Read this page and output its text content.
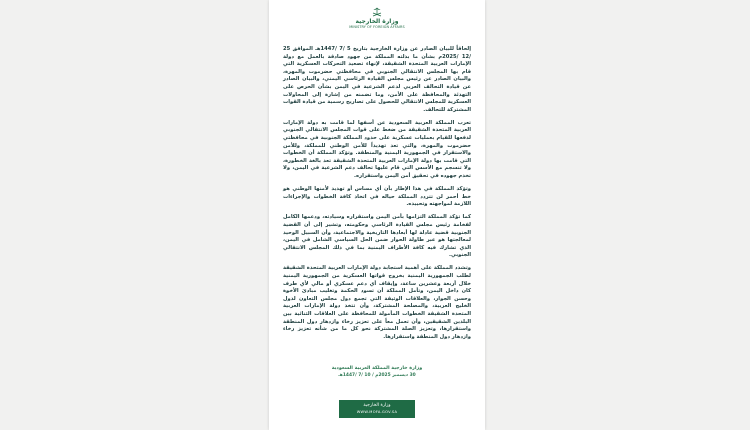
وزارة الخارجية
MINISTRY OF FOREIGN AFFAIRS

إلحاقاً للبيان الصادر عن وزارة الخارجية بتاريخ 5 /7 /1447هـ الموافق 25 /12 /2025م بشأن ما بذلته المملكة من جهود صادقة بالعمل مع دولة الإمارات العربية المتحدة الشقيقة، لإنهاء تصعيد التحركات العسكرية التي قام بها المجلس الانتقالي الجنوبي في محافظتي حضرموت والمهرة، والبيان الصادر عن رئيس مجلس القيادة الرئاسي اليمني، والبيان الصادر عن قيادة التحالف العربي لدعم الشرعية في اليمن بشأن الحرص على التهدئة والمحافظة على الأمن، وما تضمنه من إشارة إلى المحاولات العسكرية للمجلس الانتقالي للحصول على تصاريح رسمية من قيادة القوات المشتركة للتحالف.

تعرب المملكة العربية السعودية عن أسفها لما قامت به دولة الإمارات العربية المتحدة الشقيقة من ضغط على قوات المجلس الانتقالي الجنوبي لدفعها للقيام بعمليات عسكرية على حدود المملكة الجنوبية في محافظتي حضرموت والمهرة، والتي تعد تهديداً للأمن الوطني للمملكة، وللأمن والاستقرار في الجمهورية اليمنية والمنطقة. وتؤكد المملكة أن الخطوات التي قامت بها دولة الإمارات العربية المتحدة الشقيقة تعد بالغة الخطورة، ولا تنسجم مع الأسس التي قام عليها تحالف دعم الشرعية في اليمن، ولا تخدم جهوده في تحقيق أمن اليمن واستقراره.

وتؤكد المملكة في هذا الإطار بأن أي مساس أو تهديد لأمنها الوطني هو خط أحمر لن تتردد المملكة حياله في اتخاذ كافة الخطوات والإجراءات اللازمة لمواجهته وتحييده.

كما تؤكد المملكة التزامها بأمن اليمن واستقراره وسيادته، ودعمها الكامل لفخامة رئيس مجلس القيادة الرئاسي وحكومته، وتشير إلى أن القضية الجنوبية قضية عادلة لها أبعادها التاريخية والاجتماعية، وأن السبيل الوحيد لمعالجتها هو عبر طاولة الحوار ضمن الحل السياسي الشامل في اليمن، الذي تشارك فيه كافة الأطراف اليمنية بما في ذلك المجلس الانتقالي الجنوبي.

وتشدد المملكة على أهمية استجابة دولة الإمارات العربية المتحدة الشقيقة لطلب الجمهورية اليمنية بخروج قواتها العسكرية من الجمهورية اليمنية خلال أربعة وعشرين ساعة، وإيقاف أي دعم عسكري أو مالي لأي طرف كان داخل اليمن، وتأمل المملكة أن تسود الحكمة وتغليب مبادئ الأخوة وحسن الجوار، والعلاقات الوثيقة التي تجمع دول مجلس التعاون لدول الخليج العربية، والمصلحة المشتركة، وأن تتخذ دولة الإمارات العربية المتحدة الشقيقة الخطوات المأمولة للمحافظة على العلاقات الثنائية بين البلدين الشقيقين، وأن تعمل معاً على تعزيز رخاء وازدهار دول المنطقة واستقرارها، وتعزيز الصلة المشتركة نحو كل ما من شأنه تعزيز رخاء وازدهار دول المنطقة واستقرارها.

وزارة خارجية المملكة العربية السعودية
30 ديسمبر 2025م / 10 /7 /1447هـ
وزارة الخارجية
WWW.MOFA.GOV.SA
